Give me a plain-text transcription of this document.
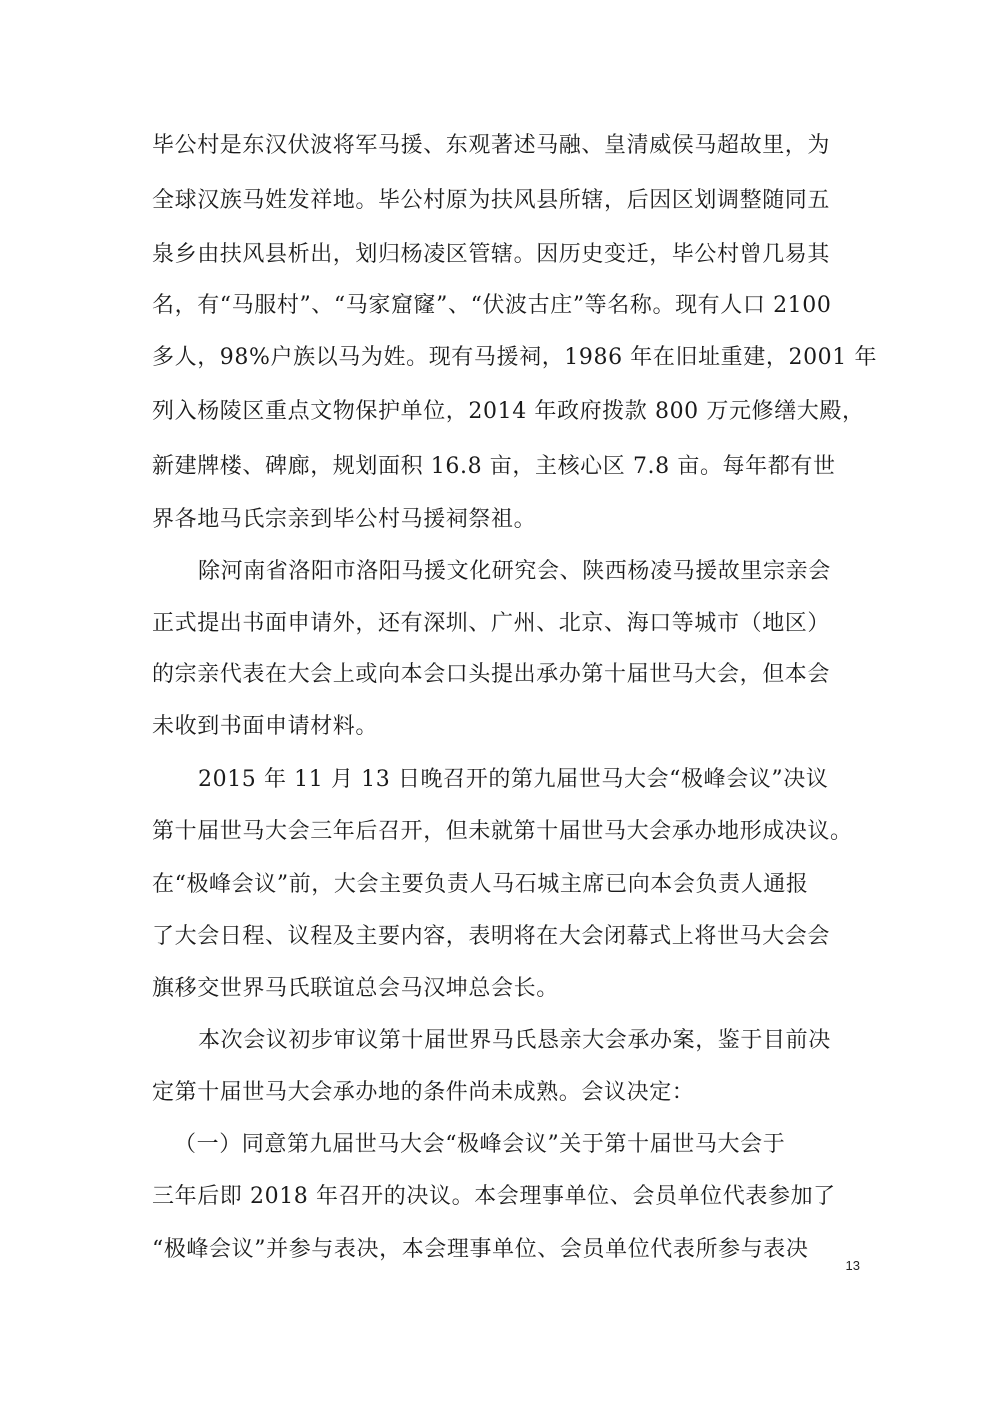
毕公村是东汉伏波将军马援、东观著述马融、皇清威侯马超故里，为
全球汉族马姓发祥地。毕公村原为扶风县所辖，后因区划调整随同五
泉乡由扶风县析出，划归杨凌区管辖。因历史变迁，毕公村曾几易其
名，有“马服村”、“马家窟窿”、“伏波古庄”等名称。现有人口 2100
多人，98%户族以马为姓。现有马援祠，1986 年在旧址重建，2001 年
列入杨陵区重点文物保护单位，2014 年政府拨款 800 万元修缮大殿，
新建牌楼、碑廊，规划面积 16.8 亩，主核心区 7.8 亩。每年都有世
界各地马氏宗亲到毕公村马援祠祭祖。
除河南省洛阳市洛阳马援文化研究会、陕西杨凌马援故里宗亲会
正式提出书面申请外，还有深圳、广州、北京、海口等城市（地区）
的宗亲代表在大会上或向本会口头提出承办第十届世马大会，但本会
未收到书面申请材料。
2015 年 11 月 13 日晚召开的第九届世马大会“极峰会议”决议
第十届世马大会三年后召开，但未就第十届世马大会承办地形成决议。
在“极峰会议”前，大会主要负责人马石城主席已向本会负责人通报
了大会日程、议程及主要内容，表明将在大会闭幕式上将世马大会会
旗移交世界马氏联谊总会马汉坤总会长。
本次会议初步审议第十届世界马氏恳亲大会承办案，鉴于目前决
定第十届世马大会承办地的条件尚未成熟。会议决定：
（一）同意第九届世马大会“极峰会议”关于第十届世马大会于
三年后即 2018 年召开的决议。本会理事单位、会员单位代表参加了
“极峰会议”并参与表决，本会理事单位、会员单位代表所参与表决
13
